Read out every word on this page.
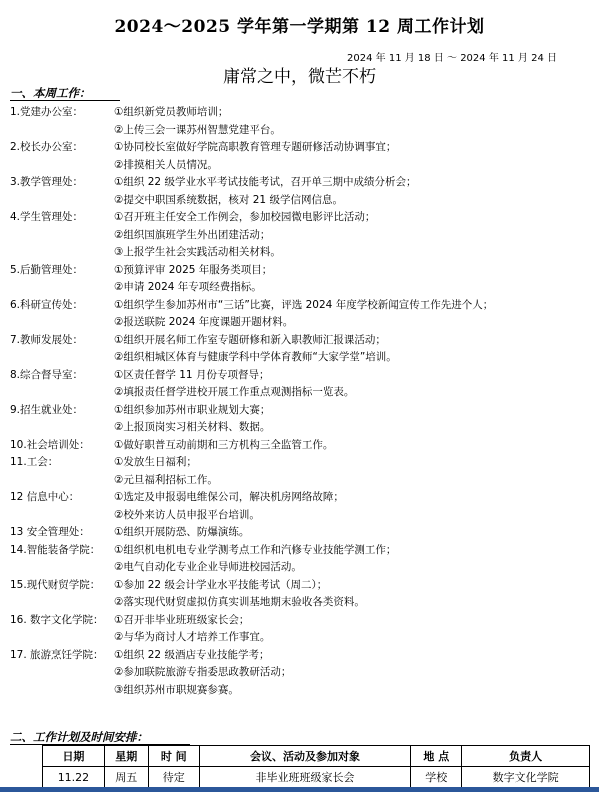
2024～2025 学年第一学期第 12 周工作计划
2024 年 11 月 18 日 ～ 2024 年 11 月 24 日
庸常之中，微芒不朽
一、本周工作：
1.党建办公室：	①组织新党员教师培训；
②上传三会一课苏州智慧党建平台。
2.校长办公室：	①协同校长室做好学院高职教育管理专题研修活动协调事宜；
②排摸相关人员情况。
3.教学管理处：	①组织 22 级学业水平考试技能考试，召开单三期中成绩分析会；
②提交中职国系统数据，核对 21 级学信网信息。
4.学生管理处：	①召开班主任安全工作例会，参加校园微电影评比活动；
②组织国旗班学生外出团建活动；
③上报学生社会实践活动相关材料。
5.后勤管理处：	①预算评审 2025 年服务类项目；
②申请 2024 年专项经费指标。
6.科研宣传处：	①组织学生参加苏州市“三话”比赛，评选 2024 年度学校新闻宣传工作先进个人；
②报送联院 2024 年度课题开题材料。
7.教师发展处：	①组织开展名师工作室专题研修和新入职教师汇报课活动；
②组织相城区体育与健康学科中学体育教师“大家学堂”培训。
8.综合督导室：	①区责任督学 11 月份专项督导；
②填报责任督学进校开展工作重点观测指标一览表。
9.招生就业处：	①组织参加苏州市职业规划大赛；
②上报顶岗实习相关材料、数据。
10.社会培训处：	①做好职普互动前期和三方机构三全监管工作。
11.工会：	①发放生日福利；
②元旦福利招标工作。
12 信息中心：	①选定及申报弱电维保公司，解决机房网络故障；
②校外来访人员申报平台培训。
13 安全管理处：	①组织开展防恐、防爆演练。
14.智能装备学院：	①组织机电机电专业学测考点工作和汽修专业技能学测工作；
②电气自动化专业企业导师进校园活动。
15.现代财贸学院：	①参加 22 级会计学业水平技能考试（周二）；
②落实现代财贸虚拟仿真实训基地期末验收各类资料。
16. 数字文化学院： ①召开非毕业班班级家长会；
②与华为商讨人才培养工作事宜。
17. 旅游烹饪学院： ①组织 22 级酒店专业技能学考；
②参加联院旅游专指委思政教研活动；
③组织苏州市职规赛参赛。
二、工作计划及时间安排：
日期	星期	时 间	会议、活动及参加对象	地 点	负责人
11.22	周五	待定	非毕业班班级家长会	学校	数字文化学院
